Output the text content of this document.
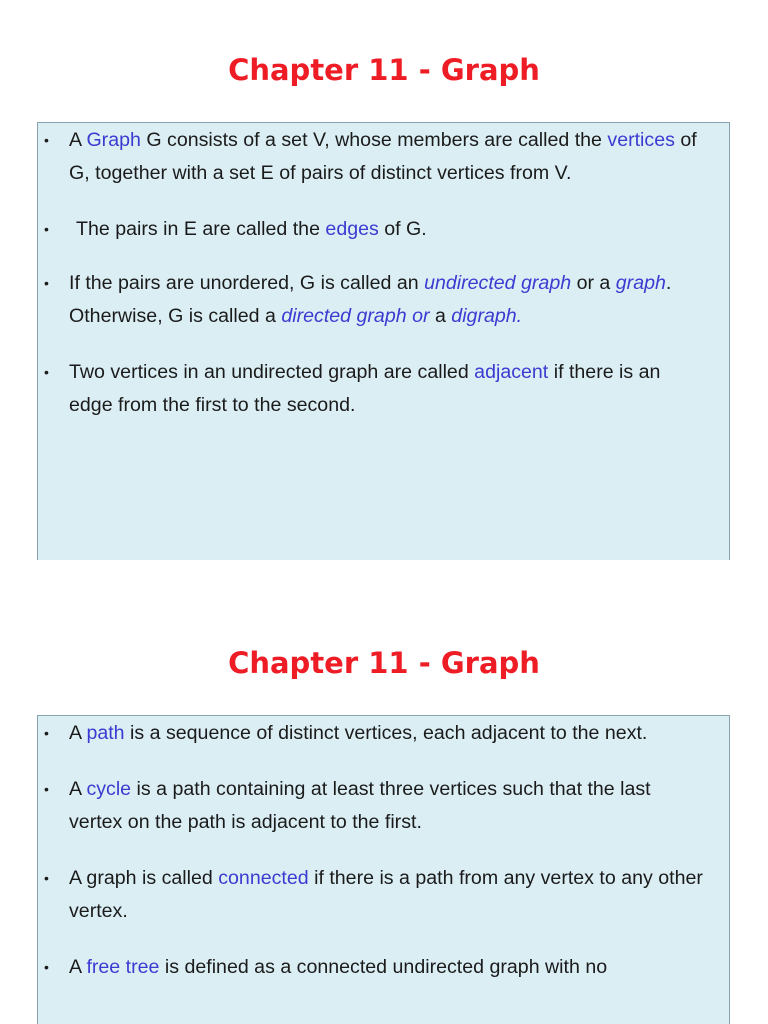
Chapter 11 - Graph
•	A Graph G consists of a set V, whose members are called the vertices of G, together with a set E of pairs of distinct vertices from V.
•	The pairs in E are called the edges of G.
•	If the pairs are unordered, G is called an undirected graph or a graph. Otherwise, G is called a directed graph or a digraph.
•	Two vertices in an undirected graph are called adjacent if there is an edge from the first to the second.
Chapter 11 - Graph
•	A path is a sequence of distinct vertices, each adjacent to the next.
•	A cycle is a path containing at least three vertices such that the last vertex on the path is adjacent to the first.
•	A graph is called connected if there is a path from any vertex to any other vertex.
•	A free tree is defined as a connected undirected graph with no
